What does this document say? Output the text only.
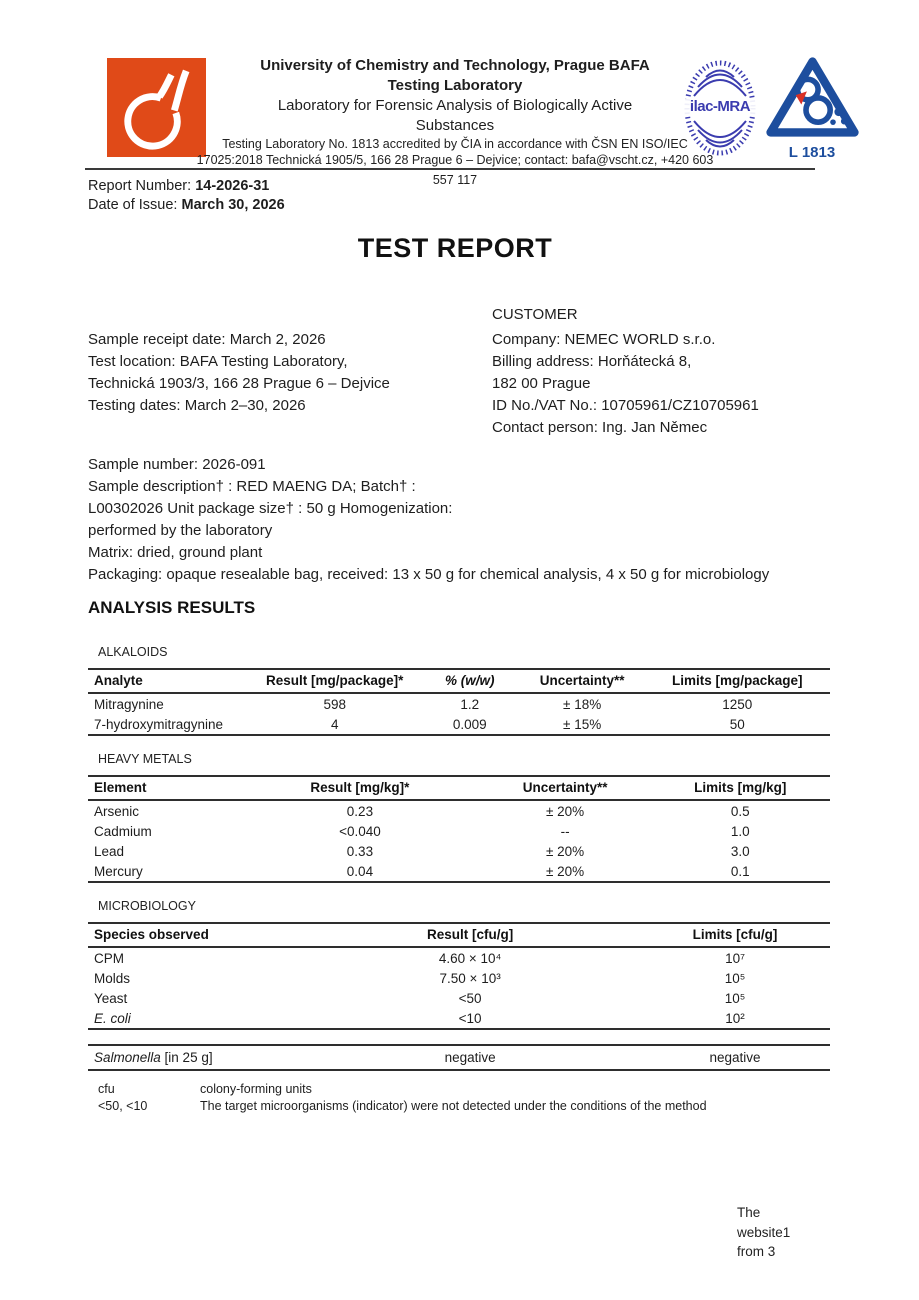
University of Chemistry and Technology, Prague BAFA
Testing Laboratory
Laboratory for Forensic Analysis of Biologically Active
Substances
Testing Laboratory No. 1813 accredited by ČIA in accordance with ČSN EN ISO/IEC
17025:2018 Technická 1905/5, 166 28 Prague 6 – Dejvice; contact: bafa@vscht.cz, +420 603
ilac-MRA
L 1813
557 117
Report Number: 14-2026-31
Date of Issue: March 30, 2026
TEST REPORT
CUSTOMER
Sample receipt date: March 2, 2026
Test location: BAFA Testing Laboratory,
Technická 1903/3, 166 28 Prague 6 – Dejvice
Testing dates: March 2–30, 2026
Company: NEMEC WORLD s.r.o.
Billing address: Horňátecká 8,
182 00 Prague
ID No./VAT No.: 10705961/CZ10705961
Contact person: Ing. Jan Němec
Sample number: 2026-091
Sample description† : RED MAENG DA; Batch† :
L00302026 Unit package size† : 50 g Homogenization:
performed by the laboratory
Matrix: dried, ground plant
Packaging: opaque resealable bag, received: 13 x 50 g for chemical analysis, 4 x 50 g for microbiology
ANALYSIS RESULTS
ALKALOIDS
Analyte	Result [mg/package]*	% (w/w)	Uncertainty**	Limits [mg/package]
Mitragynine	598	1.2	± 18%	1250
7-hydroxymitragynine	4	0.009	± 15%	50
HEAVY METALS
Element	Result [mg/kg]*	Uncertainty**	Limits [mg/kg]
Arsenic	0.23	± 20%	0.5
Cadmium	<0.040	--	1.0
Lead	0.33	± 20%	3.0
Mercury	0.04	± 20%	0.1
MICROBIOLOGY
Species observed	Result [cfu/g]	Limits [cfu/g]
CPM	4.60 × 10⁴	10⁷
Molds	7.50 × 10³	10⁵
Yeast	<50	10⁵
E. coli	<10	10²
Salmonella [in 25 g]	negative	negative
cfu	colony-forming units
<50, <10	The target microorganisms (indicator) were not detected under the conditions of the method
The
website1
from 3
